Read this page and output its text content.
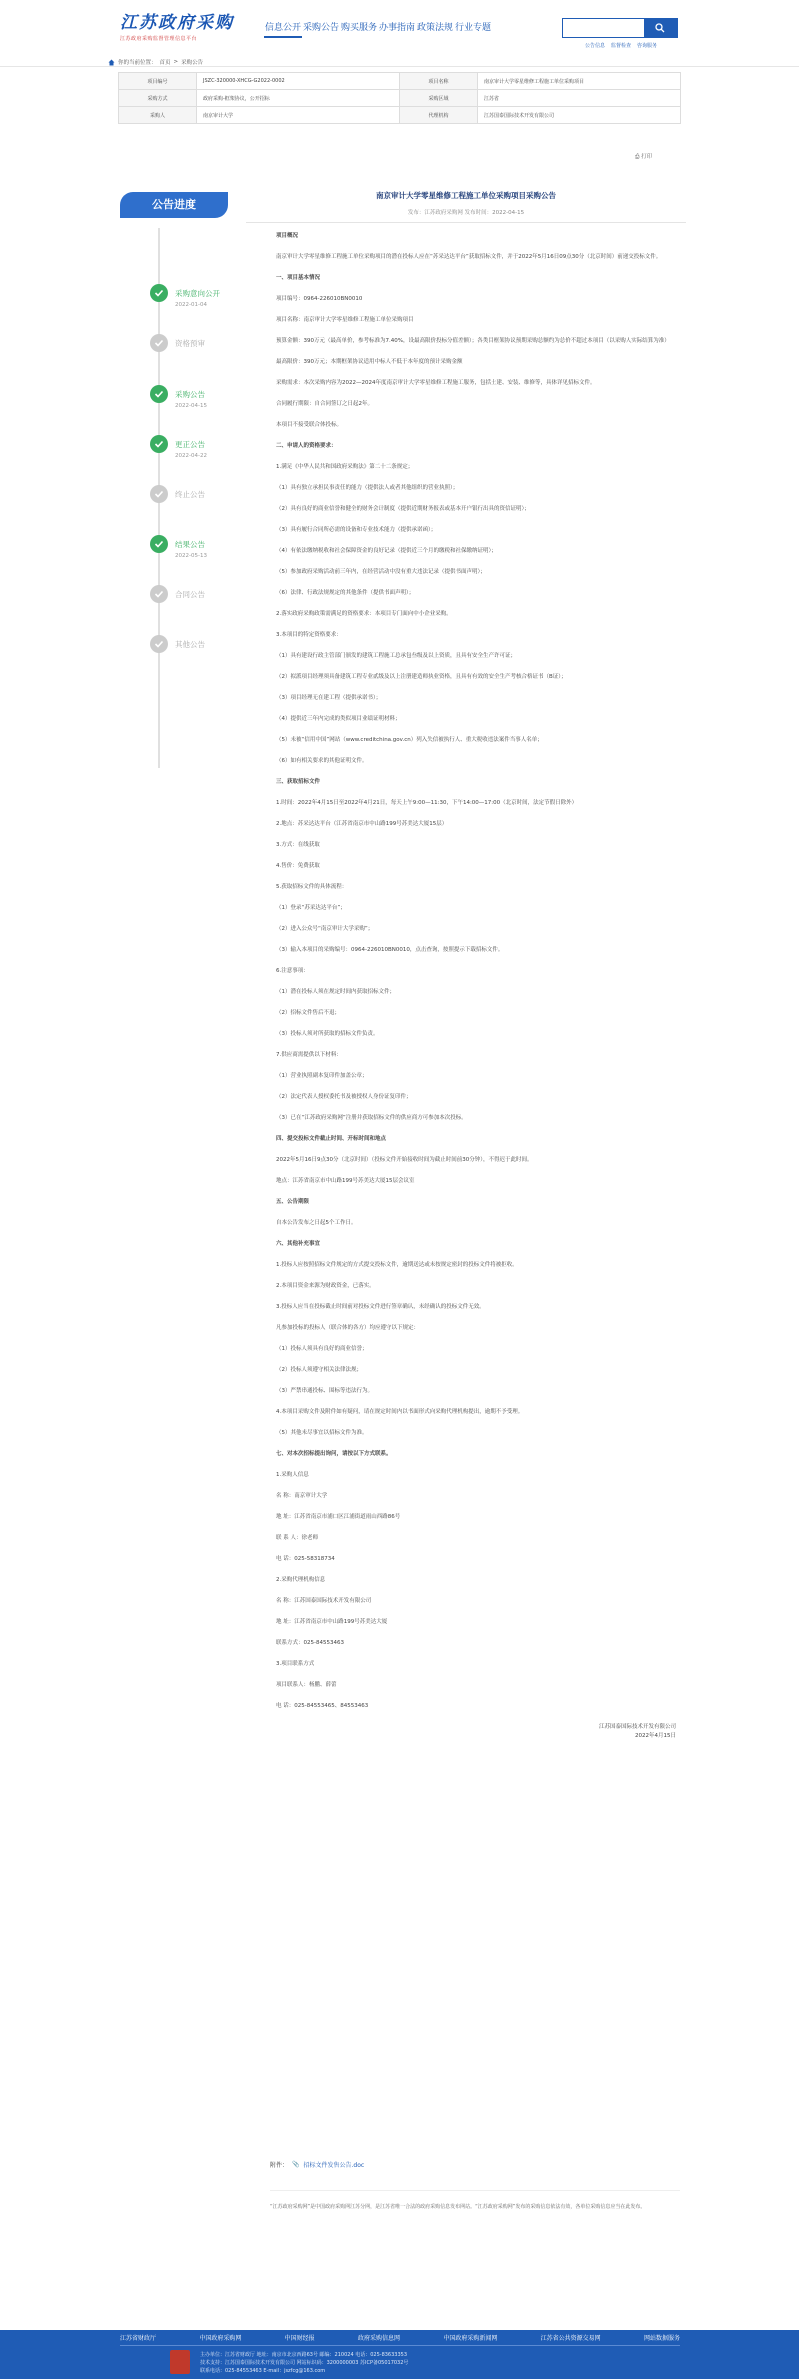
江苏政府采购
江苏政府采购监督管理信息平台
信息公开 采购公告 购买服务 办事指南 政策法规 行业专题
公告信息 监督检查 咨询服务
你的当前位置： 首页 > 采购公告
项目编号	JSZC-320000-XHCG-G2022-0002	项目名称	南京审计大学零星维修工程施工单位采购项目
采购方式	政府采购-框架协议，公开招标	采购区域	江苏省
采购人	南京审计大学	代理机构	江苏国泰国际技术开发有限公司
⎙ 打印
公告进度
采购意向公开
2022-01-04
资格预审
采购公告
2022-04-15
更正公告
2022-04-22
终止公告
结果公告
2022-05-13
合同公告
其他公告
南京审计大学零星维修工程施工单位采购项目采购公告
发布：江苏政府采购网 发布时间：2022-04-15

项目概况

南京审计大学零星维修工程施工单位采购项目的潜在投标人应在“苏采达达平台”获取招标文件，并于2022年5月16日09点30分（北京时间）前递交投标文件。

一、项目基本情况

项目编号：0964-226010BN0010

项目名称：南京审计大学零星维修工程施工单位采购项目

预算金额：390万元（最高单价，参考标准为7.40%，设最高限价投标分值差额）；各类目框架协议预期采购总额约为总价不超过本项目（以采购人实际结算为准）

最高限价：390万元；本期框架协议适用中标人不低于本年度的预计采购金额

采购需求：本次采购内容为2022—2024年度南京审计大学零星维修工程施工服务，包括土建、安装、维修等，具体详见招标文件。

合同履行期限：自合同签订之日起2年。

本项目不接受联合体投标。

二、申请人的资格要求：

1.满足《中华人民共和国政府采购法》第二十二条规定；

（1）具有独立承担民事责任的能力（提供法人或者其他组织的营业执照）；

（2）具有良好的商业信誉和健全的财务会计制度（提供近期财务报表或基本开户银行出具的资信证明）；

（3）具有履行合同所必需的设备和专业技术能力（提供承诺函）；

（4）有依法缴纳税收和社会保障资金的良好记录（提供近三个月的缴税和社保缴纳证明）；

（5）参加政府采购活动前三年内，在经营活动中没有重大违法记录（提供书面声明）；

（6）法律、行政法规规定的其他条件（提供书面声明）；

2.落实政府采购政策需满足的资格要求：本项目专门面向中小企业采购。

3.本项目的特定资格要求：

（1）具有建设行政主管部门颁发的建筑工程施工总承包叁级及以上资质，且具有安全生产许可证；

（2）拟派项目经理须具备建筑工程专业贰级及以上注册建造师执业资格，且具有有效的安全生产考核合格证书（B证）；

（3）项目经理无在建工程（提供承诺书）；

（4）提供近三年内完成的类似项目业绩证明材料；

（5）未被“信用中国”网站（www.creditchina.gov.cn）列入失信被执行人、重大税收违法案件当事人名单；

（6）如有相关要求的其他证明文件。

三、获取招标文件

1.时间：2022年4月15日至2022年4月21日，每天上午9:00—11:30，下午14:00—17:00（北京时间，法定节假日除外）

2.地点：苏采达达平台（江苏省南京市中山路199号苏美达大厦15层）

3.方式：在线获取

4.售价：免费获取

5.获取招标文件的具体流程：

（1）登录“苏采达达平台”；

（2）进入公众号“南京审计大学采购”；

（3）输入本项目的采购编号：0964-226010BN0010，点击查询，按照提示下载招标文件。

6.注意事项：

（1）潜在投标人须在规定时间内获取招标文件；

（2）招标文件售后不退；

（3）投标人须对所获取的招标文件负责。

7.供应商需提供以下材料：

（1）营业执照副本复印件加盖公章；

（2）法定代表人授权委托书及被授权人身份证复印件；

（3）已在“江苏政府采购网”注册并获取招标文件的供应商方可参加本次投标。

四、提交投标文件截止时间、开标时间和地点

2022年5月16日9点30分（北京时间）（投标文件开始接收时间为截止时间前30分钟），不得迟于此时间。

地点：江苏省南京市中山路199号苏美达大厦15层会议室

五、公告期限

自本公告发布之日起5个工作日。

六、其他补充事宜

1.投标人应按照招标文件规定的方式提交投标文件，逾期送达或未按规定密封的投标文件将被拒收。

2.本项目资金来源为财政资金，已落实。

3.投标人应当在投标截止时间前对投标文件进行签章确认，未经确认的投标文件无效。

凡参加投标的投标人（联合体的各方）均应遵守以下规定：

（1）投标人须具有良好的商业信誉；

（2）投标人须遵守相关法律法规；

（3）严禁串通投标、围标等违法行为。

4.本项目采购文件及附件如有疑问，请在规定时间内以书面形式向采购代理机构提出，逾期不予受理。

（5）其他未尽事宜以招标文件为准。

七、对本次招标提出询问，请按以下方式联系。

1.采购人信息

名 称：南京审计大学

地 址：江苏省南京市浦口区江浦街道雨山西路86号

联 系 人：徐老师

电 话：025-58318734

2.采购代理机构信息

名 称：江苏国泰国际技术开发有限公司

地 址：江苏省南京市中山路199号苏美达大厦

联系方式：025-84553463

3.项目联系方式

项目联系人：杨鹏、薛蕾

电 话：025-84553465、84553463

江苏国泰国际技术开发有限公司

2022年4月15日

附件： 📎 招标文件发售公告.doc
“江苏政府采购网”是中国政府采购网江苏分网，是江苏省唯一合法的政府采购信息发布网站。“江苏政府采购网”发布的采购信息依法有效，各单位采购信息应当在此发布。
江苏省财政厅	中国政府采购网	中国财经报	政府采购信息网	中国政府采购新闻网	江苏省公共资源交易网	网站数据服务
主办单位：江苏省财政厅 地址：南京市北京西路63号 邮编：210024 电话：025-83633353
技术支持：江苏国泰国际技术开发有限公司 网站标识码：3200000003 苏ICP备05017032号
联系电话：025-84553463 E-mail：jszfcg@163.com
